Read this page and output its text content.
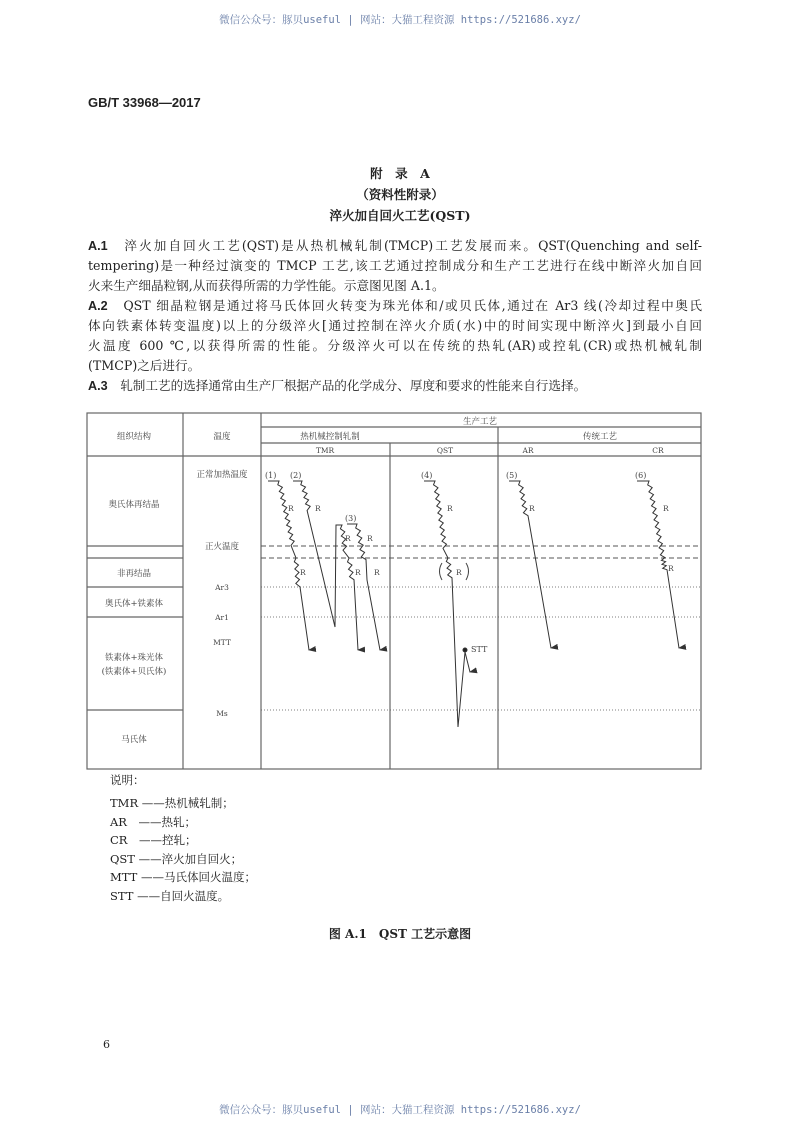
微信公众号：豚贝useful | 网站：大猫工程资源 https://521686.xyz/
GB/T 33968—2017
附　录　A
（资料性附录）
淬火加自回火工艺(QST)
A.1　 淬火加自回火工艺(QST)是从热机械轧制(TMCP)工艺发展而来。QST(Quenching and self-
tempering)是一种经过演变的 TMCP 工艺,该工艺通过控制成分和生产工艺进行在线中断淬火加自回
火来生产细晶粒钢,从而获得所需的力学性能。示意图见图 A.1。
A.2　 QST 细晶粒钢是通过将马氏体回火转变为珠光体和/或贝氏体,通过在 Ar3 线(冷却过程中奥氏
体向铁素体转变温度)以上的分级淬火[通过控制在淬火介质(水)中的时间实现中断淬火]到最小自回
火温度 600 ℃,以获得所需的性能。分级淬火可以在传统的热轧(AR)或控轧(CR)或热机械轧制
(TMCP)之后进行。
A.3　 轧制工艺的选择通常由生产厂根据产品的化学成分、厚度和要求的性能来自行选择。
生产工艺
组织结构	温度	热机械控制轧制	传统工艺
TMR	QST	AR	CR
奥氏体再结晶
非再结晶
奥氏体+铁素体
铁素体+珠光体
(铁素体+贝氏体)
马氏体
正常加热温度
正火温度
Ar3
Ar1
MTT
Ms
(1) (2)
(3)
(4)	(5)	(6)
STT
R
R
R
R
R
R
R
R
R
R	R
R
说明：
TMR ——热机械轧制；
AR　——热轧；
CR　——控轧；
QST ——淬火加自回火；
MTT ——马氏体回火温度；
STT ——自回火温度。
图 A.1　QST 工艺示意图
6
微信公众号：豚贝useful | 网站：大猫工程资源 https://521686.xyz/
